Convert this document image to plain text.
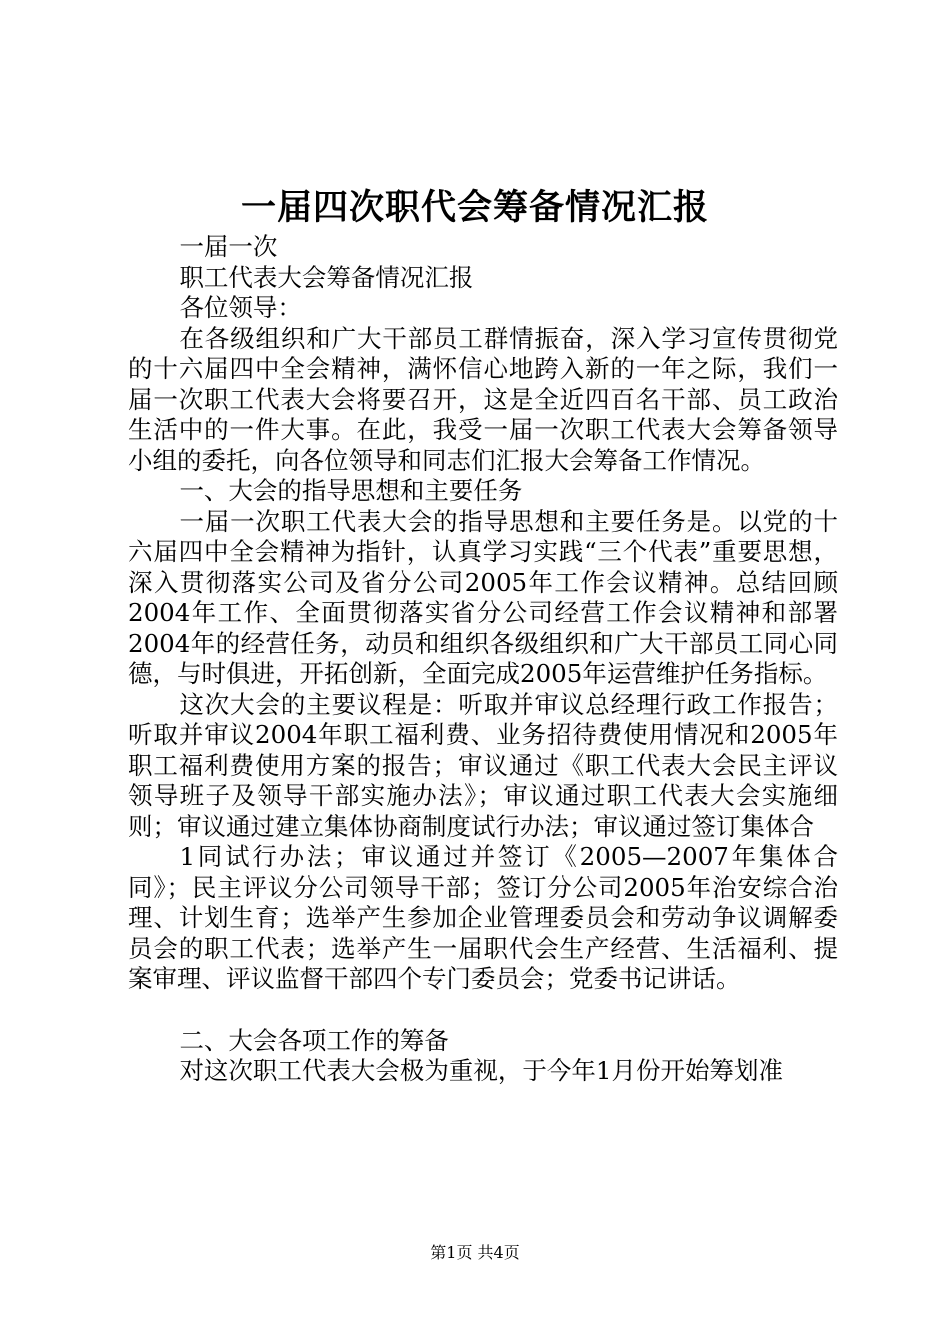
一届四次职代会筹备情况汇报

一届一次

职工代表大会筹备情况汇报

各位领导：

在各级组织和广大干部员工群情振奋，深入学习宣传贯彻党的十六届四中全会精神，满怀信心地跨入新的一年之际，我们一届一次职工代表大会将要召开，这是全近四百名干部、员工政治生活中的一件大事。在此，我受一届一次职工代表大会筹备领导小组的委托，向各位领导和同志们汇报大会筹备工作情况。

一、大会的指导思想和主要任务

一届一次职工代表大会的指导思想和主要任务是。以党的十六届四中全会精神为指针，认真学习实践“三个代表”重要思想，深入贯彻落实公司及省分公司2005年工作会议精神。总结回顾2004年工作、全面贯彻落实省分公司经营工作会议精神和部署2004年的经营任务，动员和组织各级组织和广大干部员工同心同德，与时俱进，开拓创新，全面完成2005年运营维护任务指标。

这次大会的主要议程是：听取并审议总经理行政工作报告；听取并审议2004年职工福利费、业务招待费使用情况和2005年职工福利费使用方案的报告；审议通过《职工代表大会民主评议领导班子及领导干部实施办法》；审议通过职工代表大会实施细则；审议通过建立集体协商制度试行办法；审议通过签订集体合

1同试行办法；审议通过并签订《2005—2007年集体合同》；民主评议分公司领导干部；签订分公司2005年治安综合治理、计划生育；选举产生参加企业管理委员会和劳动争议调解委员会的职工代表；选举产生一届职代会生产经营、生活福利、提案审理、评议监督干部四个专门委员会；党委书记讲话。

二、大会各项工作的筹备

对这次职工代表大会极为重视，于今年1月份开始筹划准

第1页 共4页
